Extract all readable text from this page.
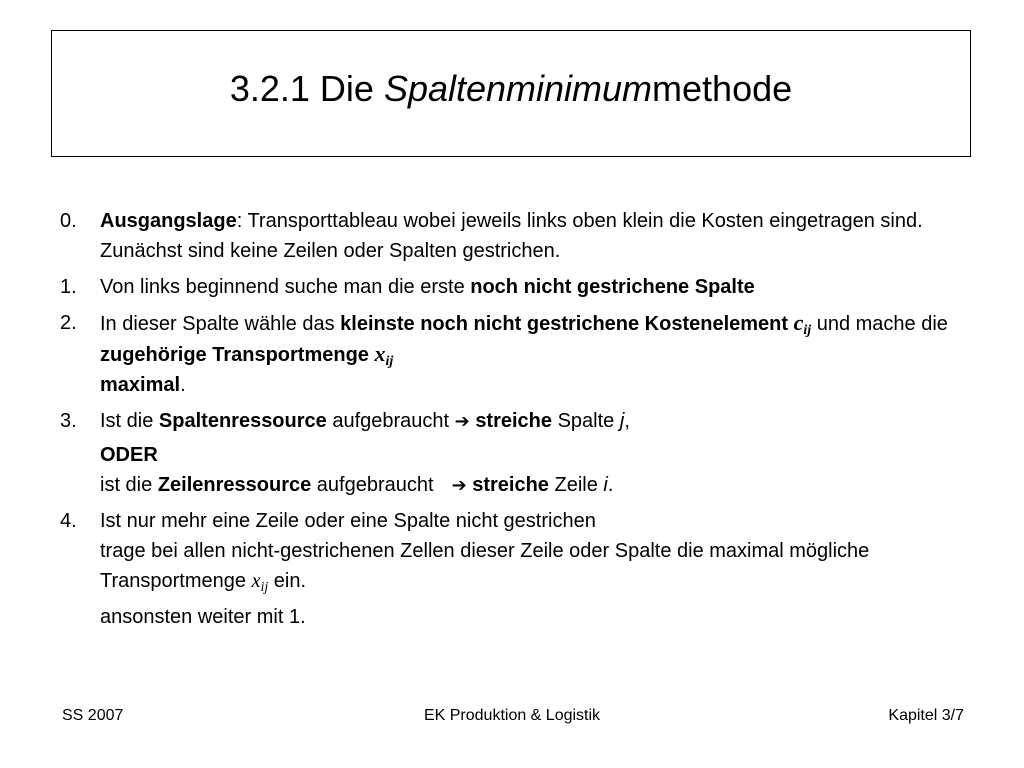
3.2.1 Die Spaltenminimummethode
0. Ausgangslage: Transporttableau wobei jeweils links oben klein die Kosten eingetragen sind. Zunächst sind keine Zeilen oder Spalten gestrichen.

1. Von links beginnend suche man die erste noch nicht gestrichene Spalte

2. In dieser Spalte wähle das kleinste noch nicht gestrichene Kostenelement $c_{ij}$ und mache die zugehörige Transportmenge $x_{ij}$
maximal.

3. Ist die Spaltenressource aufgebraucht ➔ streiche Spalte j,

ODER

ist die Zeilenressource aufgebraucht ➔ streiche Zeile i.

4. Ist nur mehr eine Zeile oder eine Spalte nicht gestrichen

trage bei allen nicht-gestrichenen Zellen dieser Zeile oder Spalte die maximal mögliche Transportmenge $x_{ij}$ ein.

ansonsten weiter mit 1.

SS 2007	EK Produktion & Logistik	Kapitel 3/7
